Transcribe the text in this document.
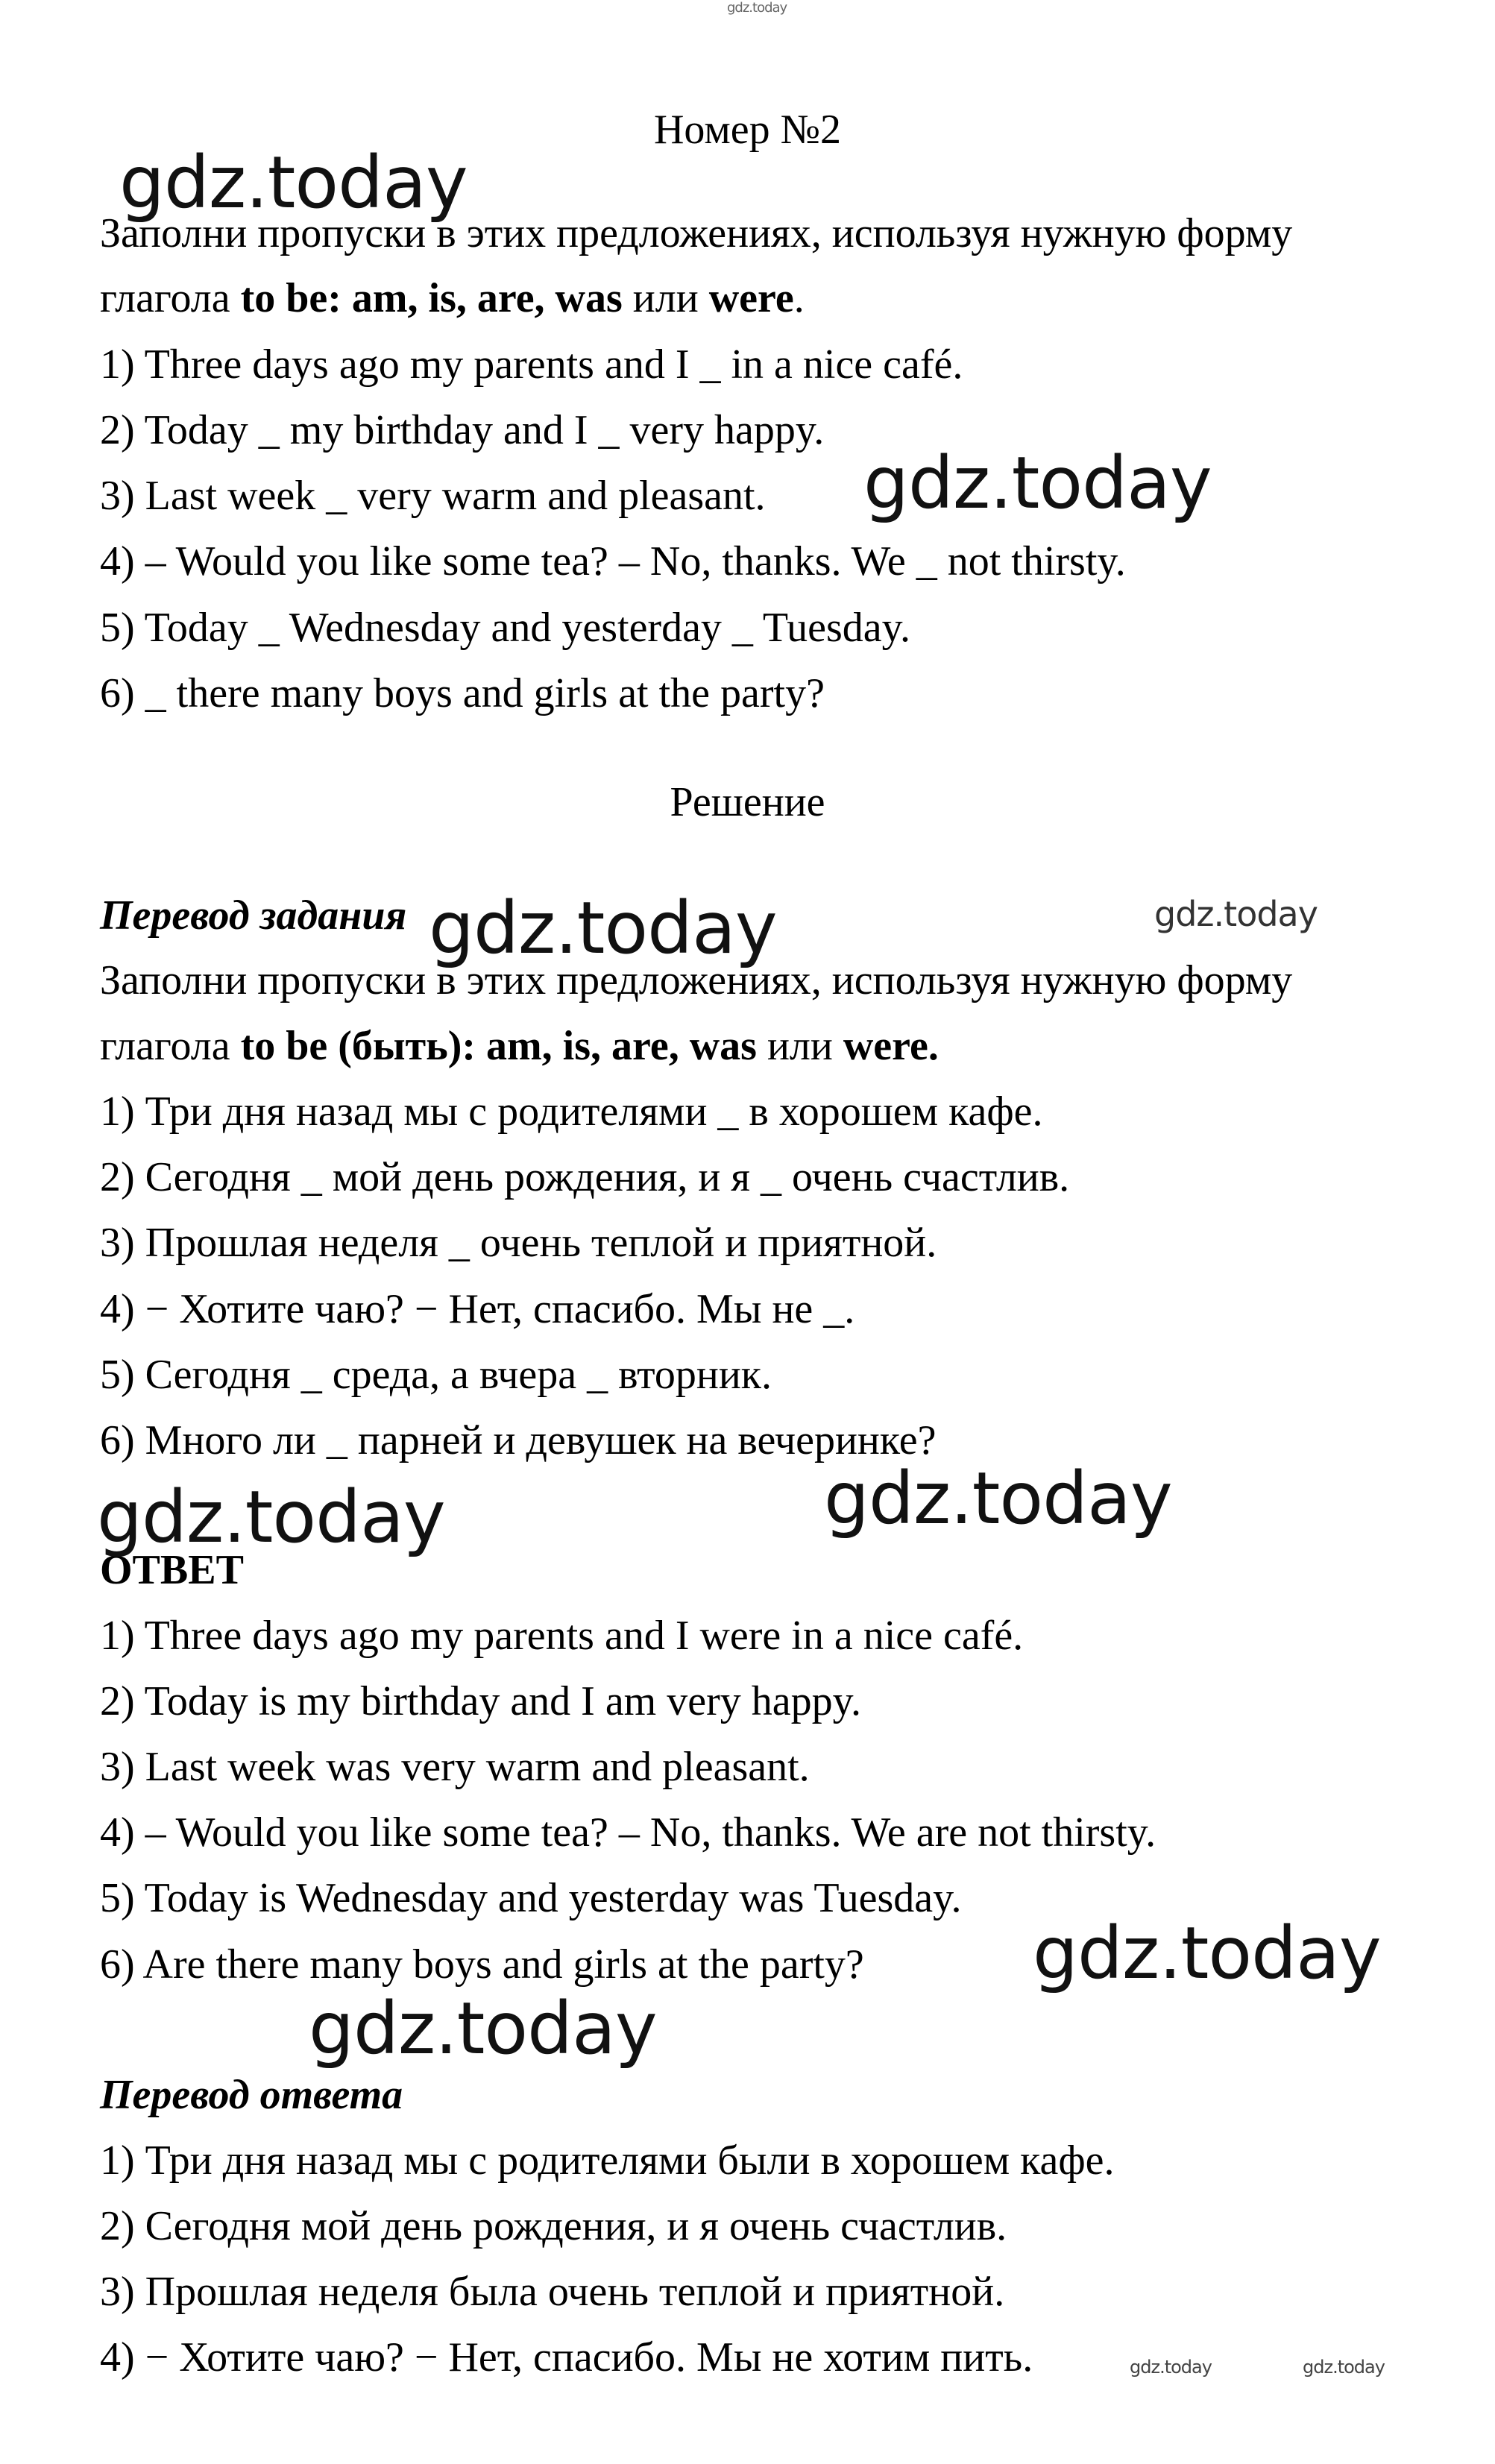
gdz.today

Номер №2

Заполни пропуски в этих предложениях, используя нужную форму

глагола to be: am, is, are, was или were.

1) Three days ago my parents and I _ in a nice café.

2) Today _ my birthday and I _ very happy.

3) Last week _ very warm and pleasant.

4) – Would you like some tea? – No, thanks. We _ not thirsty.

5) Today _ Wednesday and yesterday _ Tuesday.

6) _ there many boys and girls at the party?

Решение

Перевод задания

Заполни пропуски в этих предложениях, используя нужную форму

глагола to be (быть): am, is, are, was или were.

1) Три дня назад мы с родителями _ в хорошем кафе.

2) Сегодня _ мой день рождения, и я _ очень счастлив.

3) Прошлая неделя _ очень теплой и приятной.

4) − Хотите чаю? − Нет, спасибо. Мы не _.

5) Сегодня _ среда, а вчера _ вторник.

6) Много ли _ парней и девушек на вечеринке?

ОТВЕТ

1) Three days ago my parents and I were in a nice café.

2) Today is my birthday and I am very happy.

3) Last week was very warm and pleasant.

4) – Would you like some tea? – No, thanks. We are not thirsty.

5) Today is Wednesday and yesterday was Tuesday.

6) Are there many boys and girls at the party?

Перевод ответа

1) Три дня назад мы с родителями были в хорошем кафе.

2) Сегодня мой день рождения, и я очень счастлив.

3) Прошлая неделя была очень теплой и приятной.

4) − Хотите чаю? − Нет, спасибо. Мы не хотим пить.

gdz.today

gdz.today

gdz.today	gdz.today

gdz.today	gdz.today

gdz.today

gdz.today

gdz.today	gdz.today
